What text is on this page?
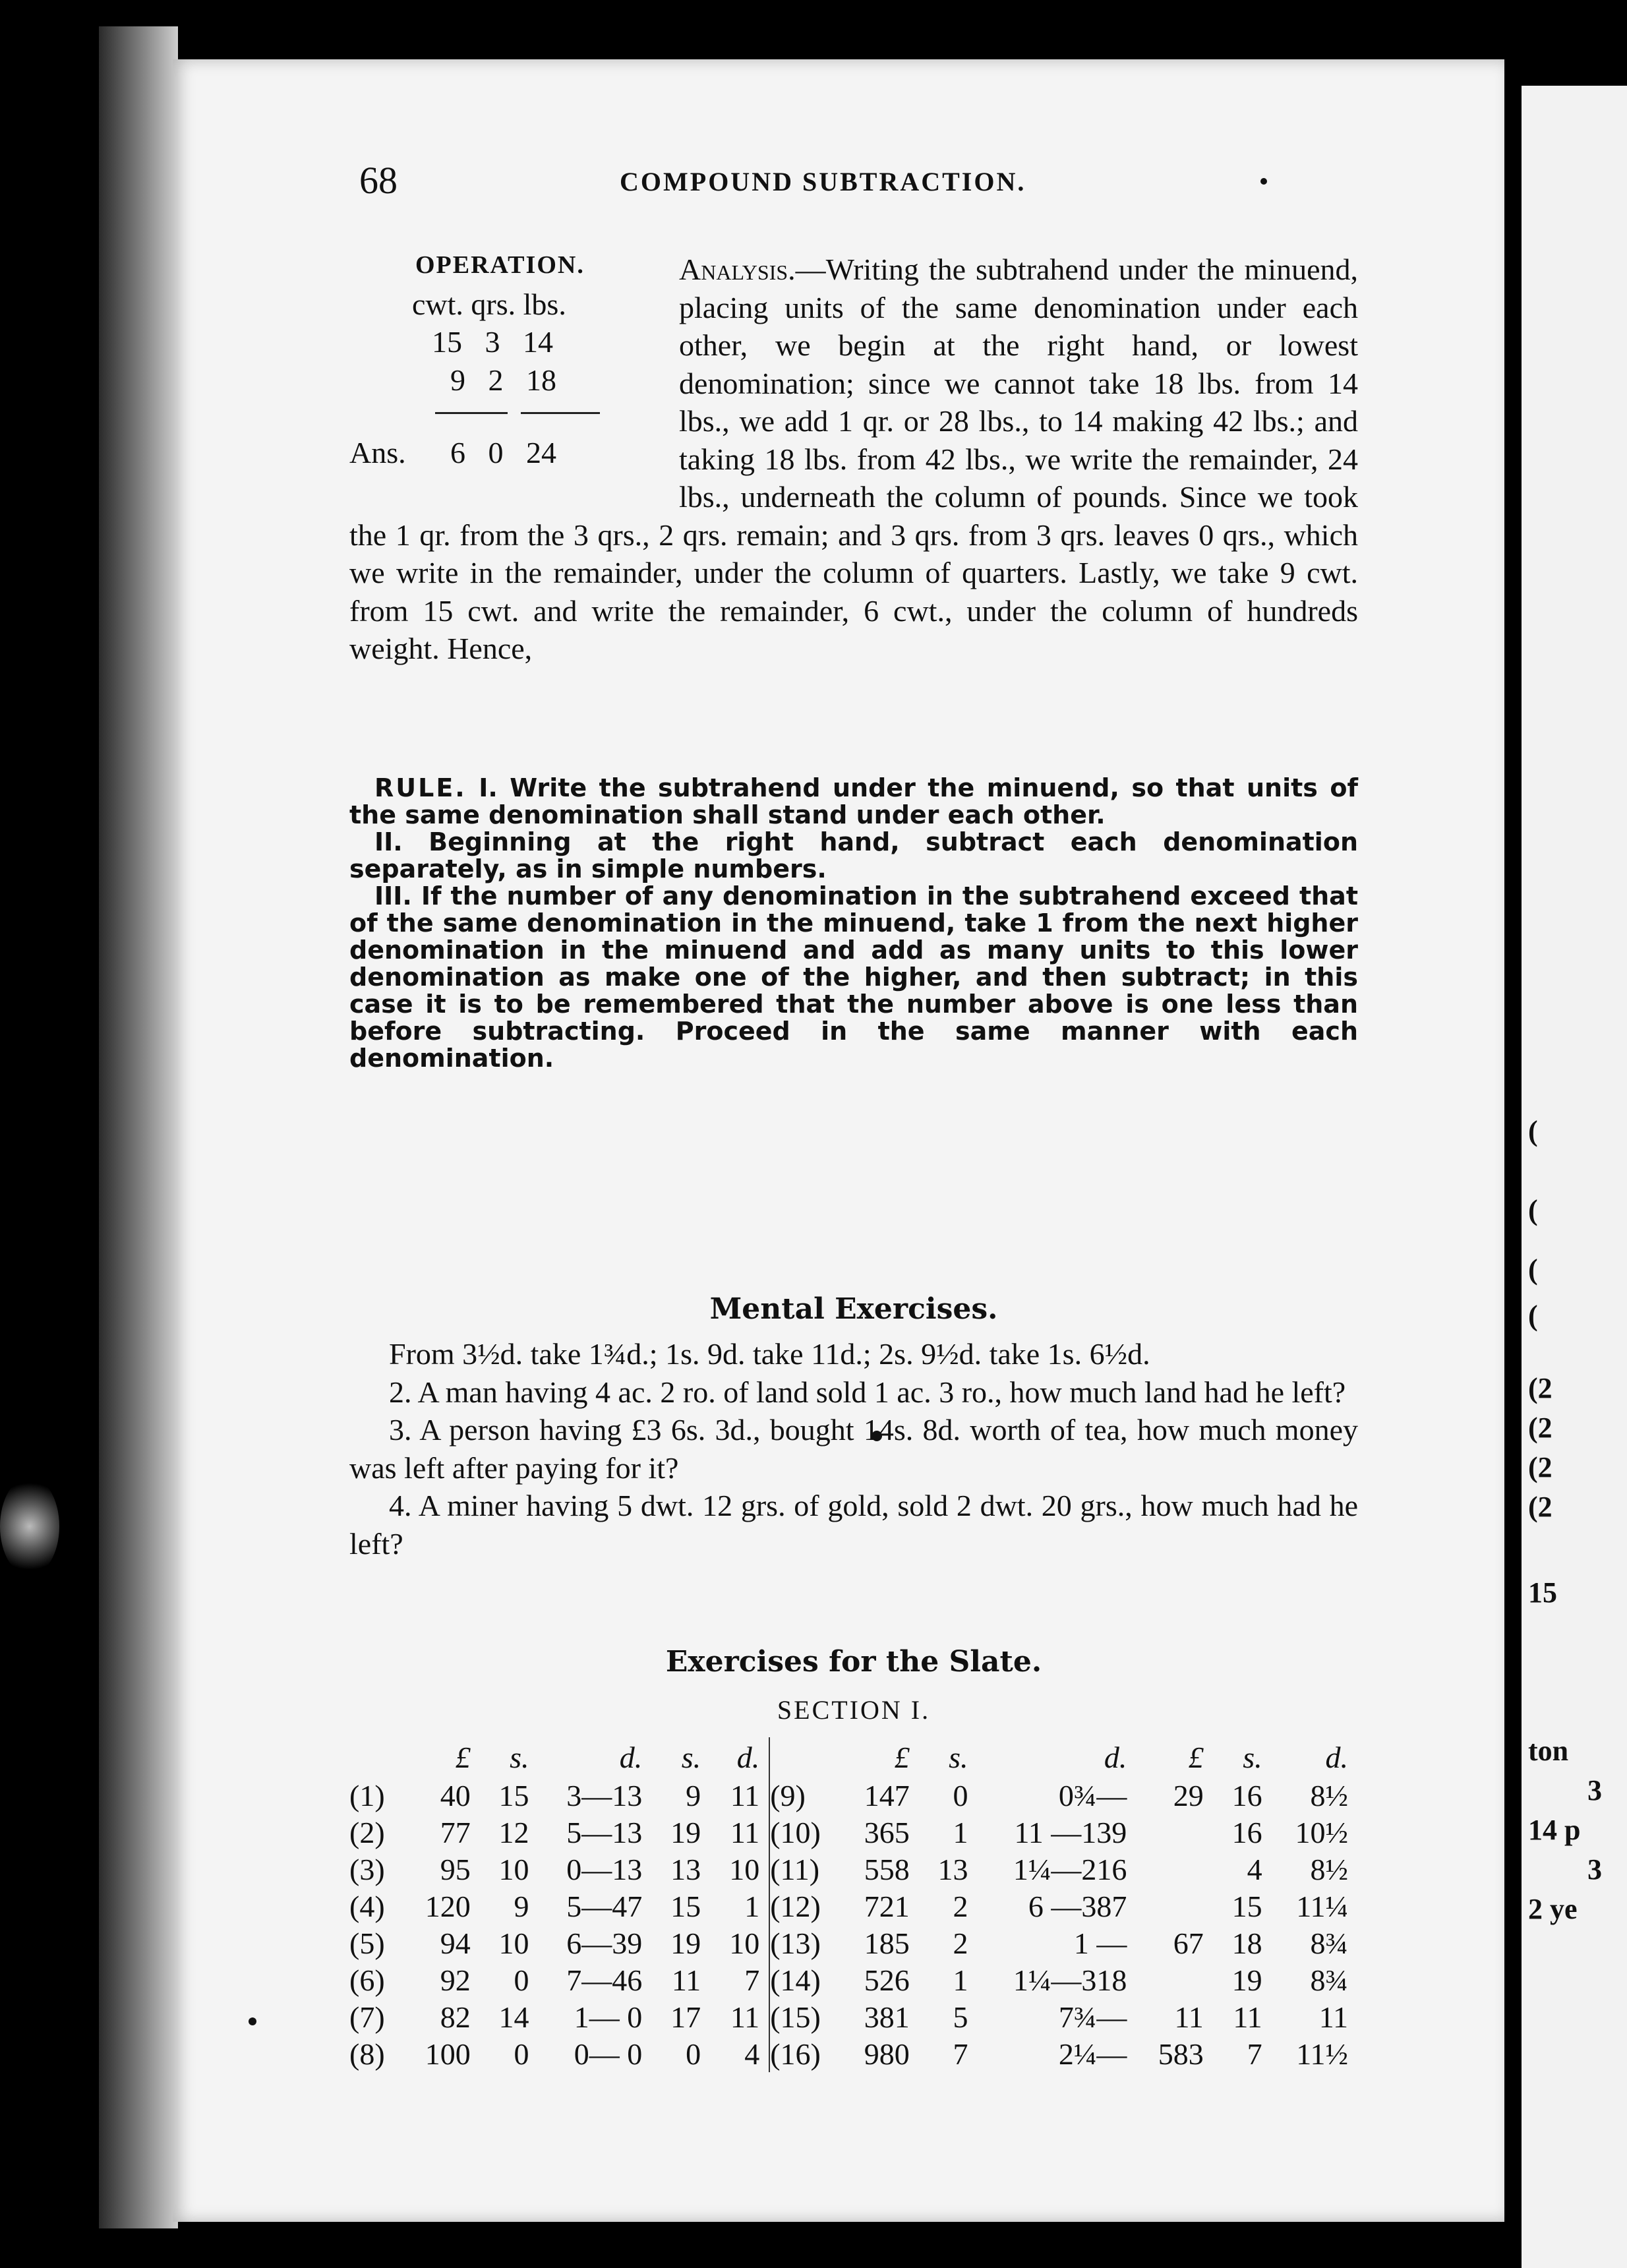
(
(
(
(
(2
(2
(2
(2
15
ton
3
14 p
3
2 ye
68	COMPOUND SUBTRACTION.
OPERATION.
cwt. qrs. lbs.
15   3   14
9   2   18
Ans. 6   0   24
Analysis.—Writing the subtrahend under the minuend, placing units of the same denomination under each other, we begin at the right hand, or lowest denomination; since we cannot take 18 lbs. from 14 lbs., we add 1 qr. or 28 lbs., to 14 making 42 lbs.; and taking 18 lbs. from 42 lbs., we write the remainder, 24 lbs., underneath the column of pounds. Since we took the 1 qr. from the 3 qrs., 2 qrs. remain; and 3 qrs. from 3 qrs. leaves 0 qrs., which we write in the remainder, under the column of quarters. Lastly, we take 9 cwt. from 15 cwt. and write the remainder, 6 cwt., under the column of hundreds weight. Hence,

RULE. I. Write the subtrahend under the minuend, so that units of the same denomination shall stand under each other.

II. Beginning at the right hand, subtract each denomination separately, as in simple numbers.

III. If the number of any denomination in the subtrahend exceed that of the same denomination in the minuend, take 1 from the next higher denomination in the minuend and add as many units to this lower denomination as make one of the higher, and then subtract; in this case it is to be remembered that the number above is one less than before subtracting. Proceed in the same manner with each denomination.

Mental Exercises.

From 3½d. take 1¾d.; 1s. 9d. take 11d.; 2s. 9½d. take 1s. 6½d.

2. A man having 4 ac. 2 ro. of land sold 1 ac. 3 ro., how much land had he left?

3. A person having £3 6s. 3d., bought 14s. 8d. worth of tea, how much money was left after paying for it?

4. A miner having 5 dwt. 12 grs. of gold, sold 2 dwt. 20 grs., how much had he left?

Exercises for the Slate.
SECTION I.
	£	s.	d.	s.	d.		£	s.	d.	£	s.	d.
(1)	40	15	3—13	9	11	(9)	147	0	0¾—	29	16	8½
(2)	77	12	5—13	19	11	(10)	365	1	11 —139		16	10½
(3)	95	10	0—13	13	10	(11)	558	13	1¼—216		4	8½
(4)	120	9	5—47	15	1	(12)	721	2	6 —387		15	11¼
(5)	94	10	6—39	19	10	(13)	185	2	1 —	67	18	8¾
(6)	92	0	7—46	11	7	(14)	526	1	1¼—318		19	8¾
(7)	82	14	1— 0	17	11	(15)	381	5	7¾—	11	11	11
(8)	100	0	0— 0	0	4	(16)	980	7	2¼—	583	7	11½
